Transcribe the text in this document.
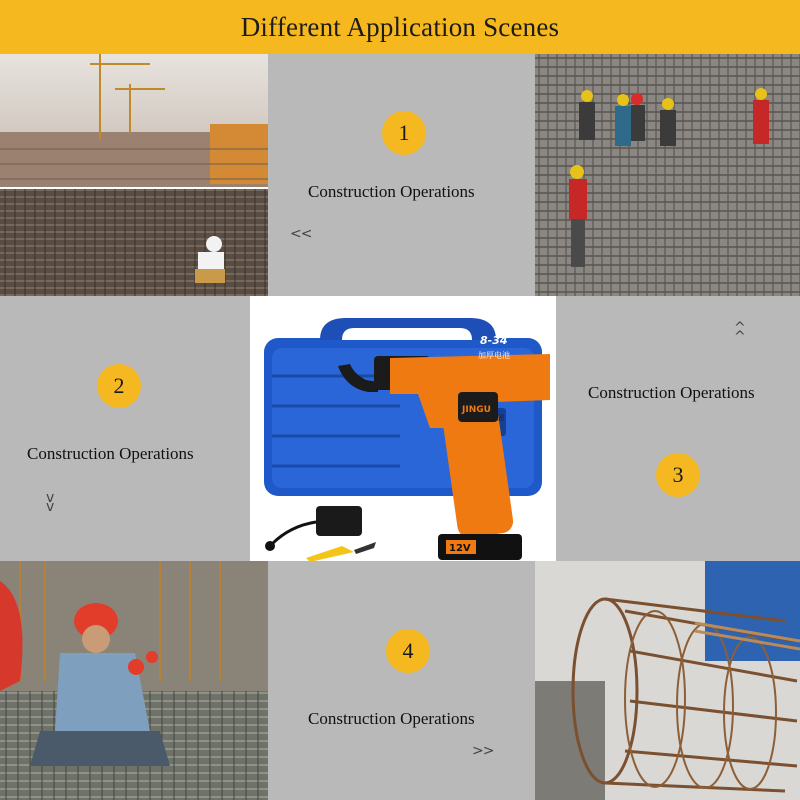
Different Application Scenes
1
Construction Operations
<<
2
Construction Operations
v v
JINGU
8-34
加厚电池
金固
12V
^ ^
Construction Operations
3
4
Construction Operations
>>
